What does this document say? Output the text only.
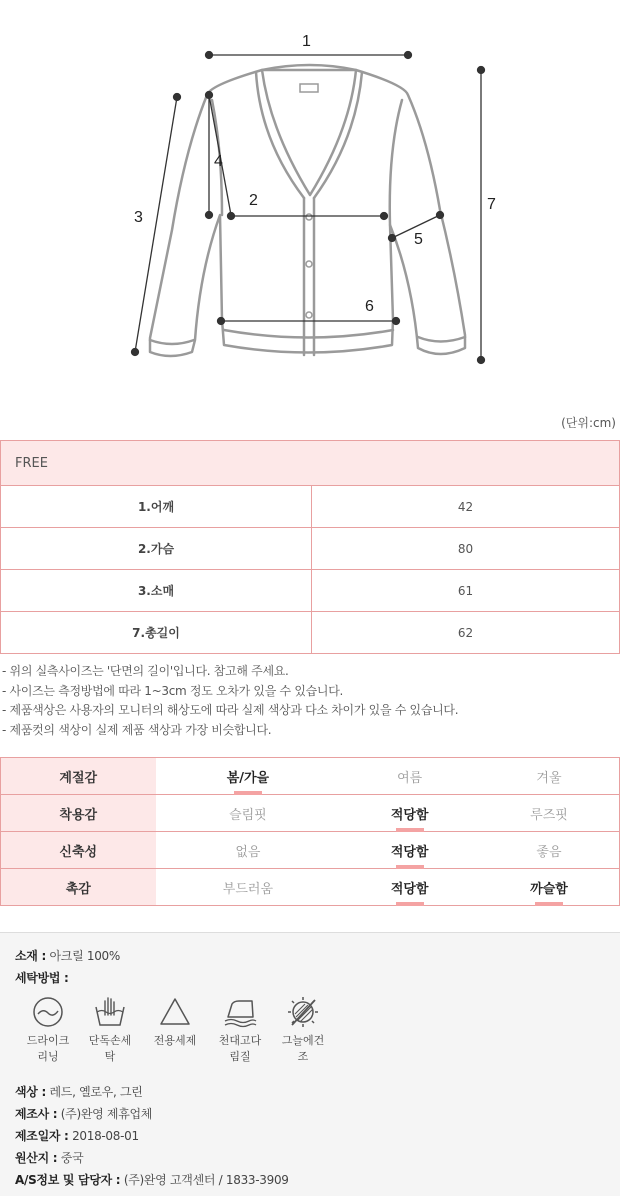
1
2
3
4
5
6
7
(단위:cm)
FREE	
1.어깨	42
2.가슴	80
3.소매	61
7.총길이	62
- 위의 실측사이즈는 '단면의 길이'입니다. 참고해 주세요.
- 사이즈는 측정방법에 따라 1~3cm 정도 오차가 있을 수 있습니다.
- 제품색상은 사용자의 모니터의 해상도에 따라 실제 색상과 다소 차이가 있을 수 있습니다.
- 제품컷의 색상이 실제 제품 색상과 가장 비슷합니다.
계절감	봄/가을	여름	겨울
착용감	슬림핏	적당함	루즈핏
신축성	없음	적당함	좋음
촉감	부드러움	적당함	까슬함
소재 : 아크릴 100%
세탁방법 :
드라이크
리닝
단독손세
탁
전용세제	천대고다
림질
그늘에건
조
색상 : 레드, 옐로우, 그린
제조사 : (주)완영 제휴업체
제조일자 : 2018-08-01
원산지 : 중국
A/S정보 및 담당자 : (주)완영 고객센터 / 1833-3909
